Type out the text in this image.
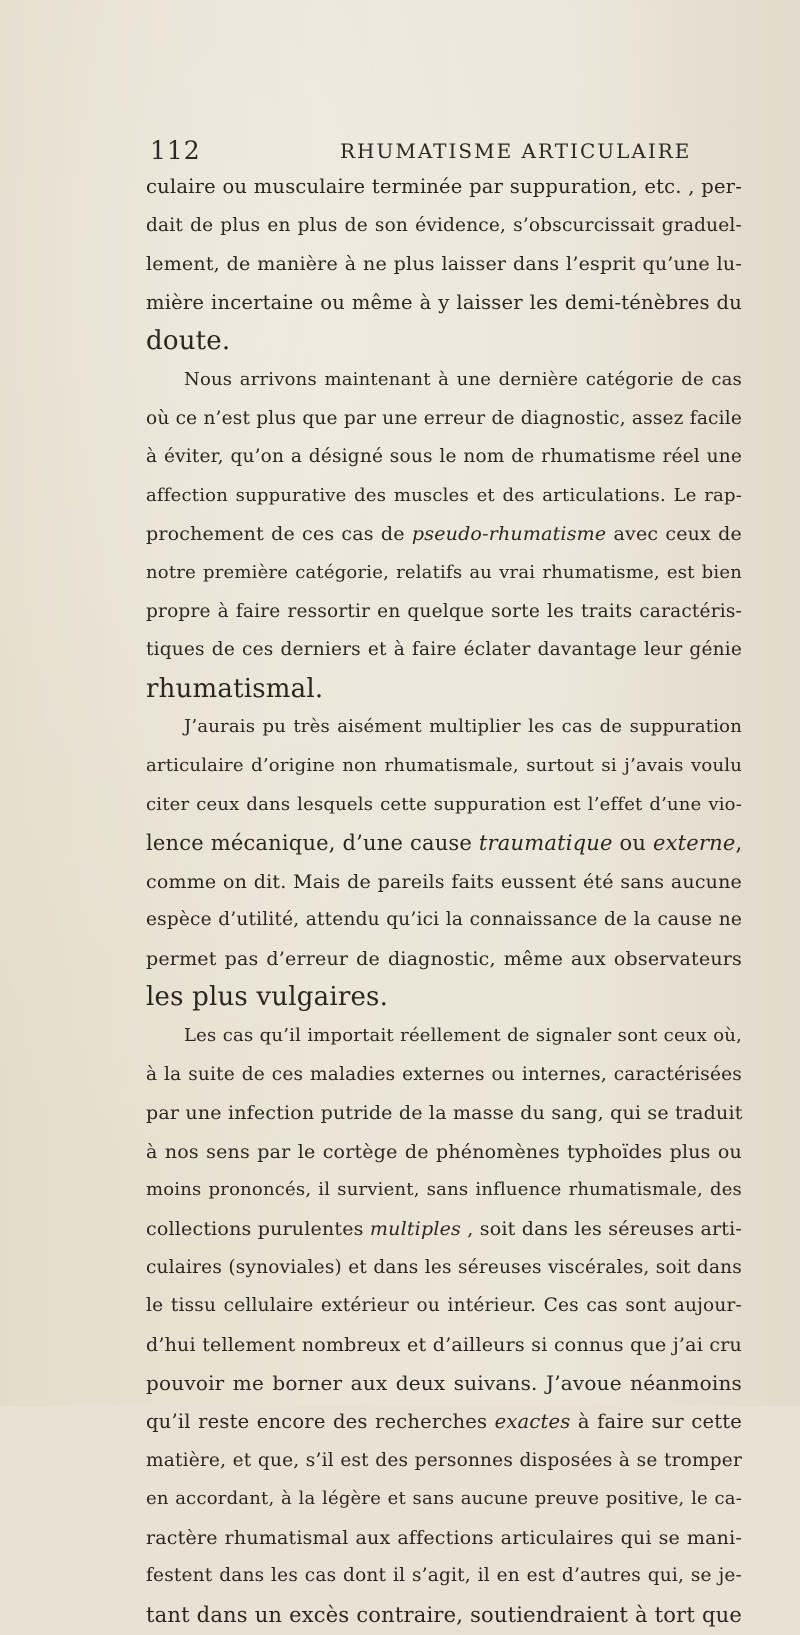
112	RHUMATISME ARTICULAIRE
culaire ou musculaire terminée par suppuration, etc. , per-
dait de plus en plus de son évidence, s’obscurcissait graduel-
lement, de manière à ne plus laisser dans l’esprit qu’une lu-
mière incertaine ou même à y laisser les demi-ténèbres du
doute.
Nous arrivons maintenant à une dernière catégorie de cas
où ce n’est plus que par une erreur de diagnostic, assez facile
à éviter, qu’on a désigné sous le nom de rhumatisme réel une
affection suppurative des muscles et des articulations. Le rap-
prochement de ces cas de pseudo-rhumatisme avec ceux de
notre première catégorie, relatifs au vrai rhumatisme, est bien
propre à faire ressortir en quelque sorte les traits caractéris-
tiques de ces derniers et à faire éclater davantage leur génie
rhumatismal.
J’aurais pu très aisément multiplier les cas de suppuration
articulaire d’origine non rhumatismale, surtout si j’avais voulu
citer ceux dans lesquels cette suppuration est l’effet d’une vio-
lence mécanique, d’une cause traumatique ou externe,
comme on dit. Mais de pareils faits eussent été sans aucune
espèce d’utilité, attendu qu’ici la connaissance de la cause ne
permet pas d’erreur de diagnostic, même aux observateurs
les plus vulgaires.
Les cas qu’il importait réellement de signaler sont ceux où,
à la suite de ces maladies externes ou internes, caractérisées
par une infection putride de la masse du sang, qui se traduit
à nos sens par le cortège de phénomènes typhoïdes plus ou
moins prononcés, il survient, sans influence rhumatismale, des
collections purulentes multiples , soit dans les séreuses arti-
culaires (synoviales) et dans les séreuses viscérales, soit dans
le tissu cellulaire extérieur ou intérieur. Ces cas sont aujour-
d’hui tellement nombreux et d’ailleurs si connus que j’ai cru
pouvoir me borner aux deux suivans. J’avoue néanmoins
qu’il reste encore des recherches exactes à faire sur cette
matière, et que, s’il est des personnes disposées à se tromper
en accordant, à la légère et sans aucune preuve positive, le ca-
ractère rhumatismal aux affections articulaires qui se mani-
festent dans les cas dont il s’agit, il en est d’autres qui, se je-
tant dans un excès contraire, soutiendraient à tort que
